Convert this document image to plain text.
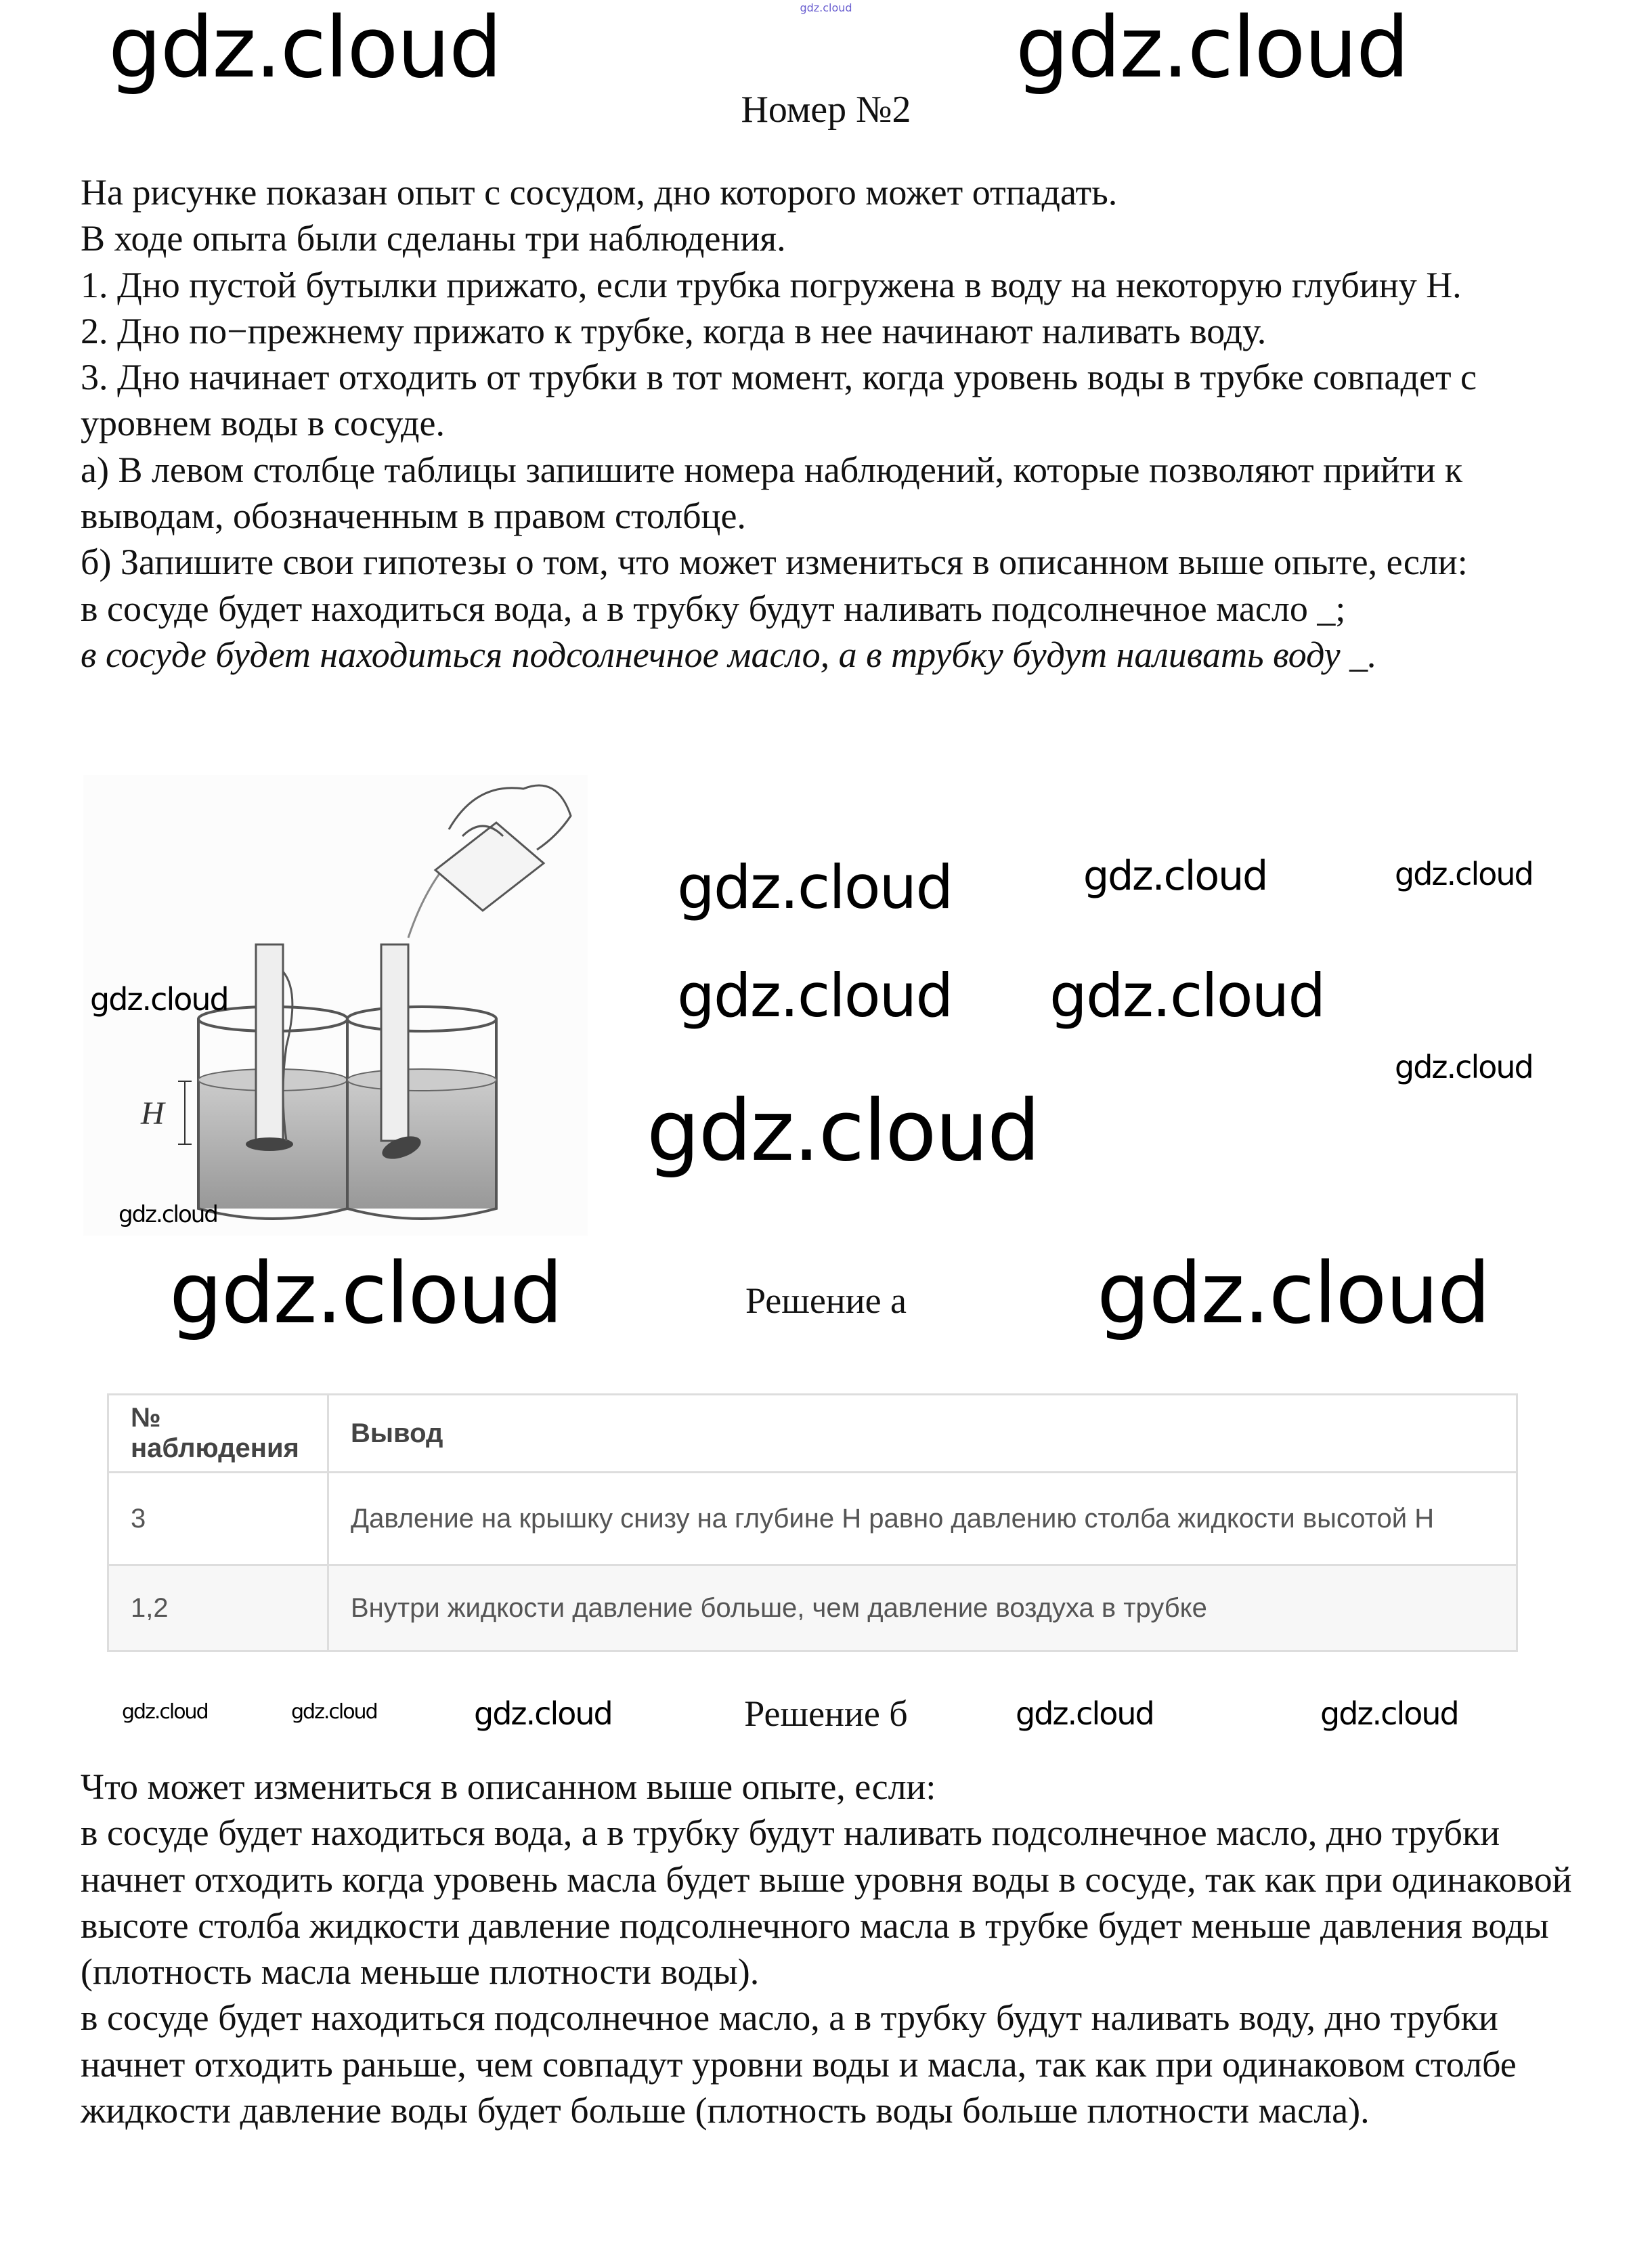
gdz.cloud
Номер №2

На рисунке показан опыт с сосудом, дно которого может отпадать.

В ходе опыта были сделаны три наблюдения.

1. Дно пустой бутылки прижато, если трубка погружена в воду на некоторую глубину H.

2. Дно по−прежнему прижато к трубке, когда в нее начинают наливать воду.

3. Дно начинает отходить от трубки в тот момент, когда уровень воды в трубке совпадет с уровнем воды в сосуде.

а) В левом столбце таблицы запишите номера наблюдений, которые позволяют прийти к выводам, обозначенным в правом столбце.

б) Запишите свои гипотезы о том, что может измениться в описанном выше опыте, если:

в сосуде будет находиться вода, а в трубку будут наливать подсолнечное масло _;

в сосуде будет находиться подсолнечное масло, а в трубку будут наливать воду _.

H
Решение а
№ наблюдения	Вывод
3	Давление на крышку снизу на глубине H равно давлению столба жидкости высотой H
1,2	Внутри жидкости давление больше, чем давление воздуха в трубке
Решение б

Что может измениться в описанном выше опыте, если:

в сосуде будет находиться вода, а в трубку будут наливать подсолнечное масло, дно трубки начнет отходить когда уровень масла будет выше уровня воды в сосуде, так как при одинаковой высоте столба жидкости давление подсолнечного масла в трубке будет меньше давления воды (плотность масла меньше плотности воды).

в сосуде будет находиться подсолнечное масло, а в трубку будут наливать воду, дно трубки начнет отходить раньше, чем совпадут уровни воды и масла, так как при одинаковом столбе жидкости давление воды будет больше (плотность воды больше плотности масла).

gdz.cloud	gdz.cloud
gdz.cloud	gdz.cloud	gdz.cloud
gdz.cloud gdz.cloud
gdz.cloud
gdz.cloud
gdz.cloud
gdz.cloud
gdz.cloud	gdz.cloud
gdz.cloud	gdz.cloud	gdz.cloud	gdz.cloud	gdz.cloud
